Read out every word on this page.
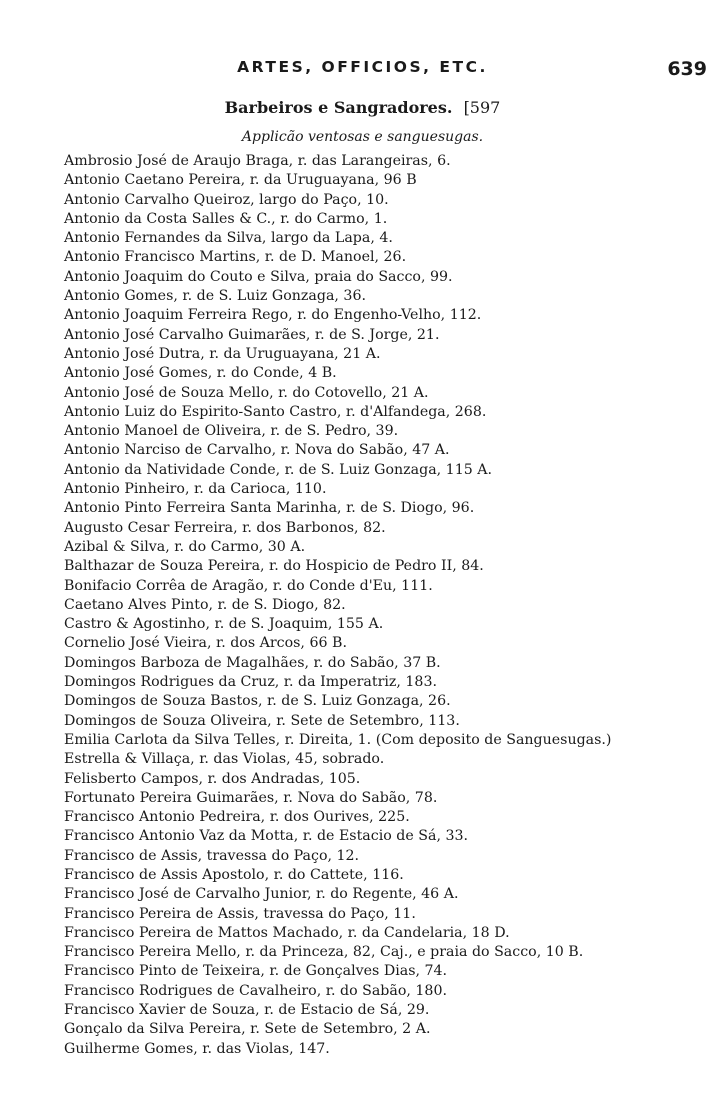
ARTES, OFFICIOS, ETC.	639
Barbeiros e Sangradores. [597
Applicão ventosas e sanguesugas.
Ambrosio José de Araujo Braga, r. das Larangeiras, 6.
Antonio Caetano Pereira, r. da Uruguayana, 96 B
Antonio Carvalho Queiroz, largo do Paço, 10.
Antonio da Costa Salles & C., r. do Carmo, 1.
Antonio Fernandes da Silva, largo da Lapa, 4.
Antonio Francisco Martins, r. de D. Manoel, 26.
Antonio Joaquim do Couto e Silva, praia do Sacco, 99.
Antonio Gomes, r. de S. Luiz Gonzaga, 36.
Antonio Joaquim Ferreira Rego, r. do Engenho-Velho, 112.
Antonio José Carvalho Guimarães, r. de S. Jorge, 21.
Antonio José Dutra, r. da Uruguayana, 21 A.
Antonio José Gomes, r. do Conde, 4 B.
Antonio José de Souza Mello, r. do Cotovello, 21 A.
Antonio Luiz do Espirito-Santo Castro, r. d'Alfandega, 268.
Antonio Manoel de Oliveira, r. de S. Pedro, 39.
Antonio Narciso de Carvalho, r. Nova do Sabão, 47 A.
Antonio da Natividade Conde, r. de S. Luiz Gonzaga, 115 A.
Antonio Pinheiro, r. da Carioca, 110.
Antonio Pinto Ferreira Santa Marinha, r. de S. Diogo, 96.
Augusto Cesar Ferreira, r. dos Barbonos, 82.
Azibal & Silva, r. do Carmo, 30 A.
Balthazar de Souza Pereira, r. do Hospicio de Pedro II, 84.
Bonifacio Corrêa de Aragão, r. do Conde d'Eu, 111.
Caetano Alves Pinto, r. de S. Diogo, 82.
Castro & Agostinho, r. de S. Joaquim, 155 A.
Cornelio José Vieira, r. dos Arcos, 66 B.
Domingos Barboza de Magalhães, r. do Sabão, 37 B.
Domingos Rodrigues da Cruz, r. da Imperatriz, 183.
Domingos de Souza Bastos, r. de S. Luiz Gonzaga, 26.
Domingos de Souza Oliveira, r. Sete de Setembro, 113.
Emilia Carlota da Silva Telles, r. Direita, 1. (Com deposito de Sanguesugas.)
Estrella & Villaça, r. das Violas, 45, sobrado.
Felisberto Campos, r. dos Andradas, 105.
Fortunato Pereira Guimarães, r. Nova do Sabão, 78.
Francisco Antonio Pedreira, r. dos Ourives, 225.
Francisco Antonio Vaz da Motta, r. de Estacio de Sá, 33.
Francisco de Assis, travessa do Paço, 12.
Francisco de Assis Apostolo, r. do Cattete, 116.
Francisco José de Carvalho Junior, r. do Regente, 46 A.
Francisco Pereira de Assis, travessa do Paço, 11.
Francisco Pereira de Mattos Machado, r. da Candelaria, 18 D.
Francisco Pereira Mello, r. da Princeza, 82, Caj., e praia do Sacco, 10 B.
Francisco Pinto de Teixeira, r. de Gonçalves Dias, 74.
Francisco Rodrigues de Cavalheiro, r. do Sabão, 180.
Francisco Xavier de Souza, r. de Estacio de Sá, 29.
Gonçalo da Silva Pereira, r. Sete de Setembro, 2 A.
Guilherme Gomes, r. das Violas, 147.
